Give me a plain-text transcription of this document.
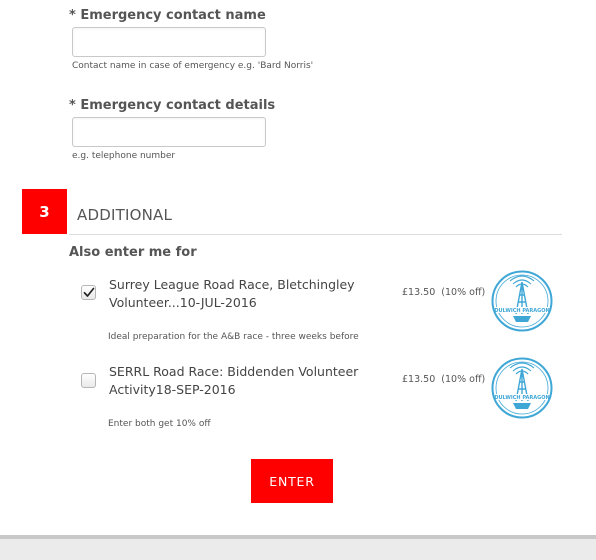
* Emergency contact name
Contact name in case of emergency e.g. 'Bard Norris'
* Emergency contact details
e.g. telephone number
3	ADDITIONAL
Also enter me for
Surrey League Road Race, Bletchingley Volunteer...10-JUL-2016
£13.50 (10% off)
DULWICH PARAGON
Ideal preparation for the A&B race - three weeks before
SERRL Road Race: Biddenden Volunteer Activity18-SEP-2016
£13.50 (10% off)
DULWICH PARAGON
Enter both get 10% off
ENTER
